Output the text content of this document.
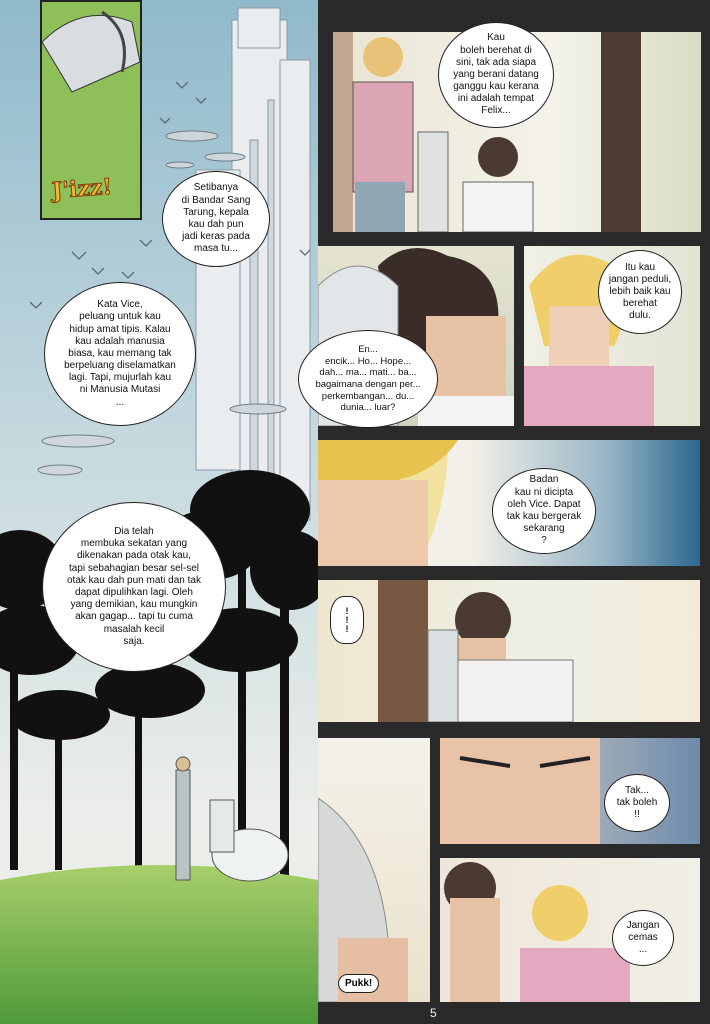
J'izz!	Setibanya
di Bandar Sang
Tarung, kepala
kau dah pun
jadi keras pada
masa tu...
Kata Vice,
peluang untuk kau
hidup amat tipis. Kalau
kau adalah manusia
biasa, kau memang tak
berpeluang diselamatkan
lagi. Tapi, mujurlah kau
ni Manusia Mutasi
...
Dia telah
membuka sekatan yang
dikenakan pada otak kau,
tapi sebahagian besar sel-sel
otak kau dah pun mati dan tak
dapat dipulihkan lagi. Oleh
yang demikian, kau mungkin
akan gagap... tapi tu cuma
masalah kecil
saja.
Kau
boleh berehat di
sini, tak ada siapa
yang berani datang
ganggu kau kerana
ini adalah tempat
Felix...
En...
encik... Ho... Hope...
dah... ma... mati... ba...
bagaimana dengan per...
perkembangan... du...
dunia... luar?
Itu kau
jangan peduli,
lebih baik kau
berehat
dulu.
Badan
kau ni dicipta
oleh Vice. Dapat
tak kau bergerak
sekarang
?
!
!
!
Pukk!
Tak...
tak boleh
!!
Jangan
cemas
...
5
